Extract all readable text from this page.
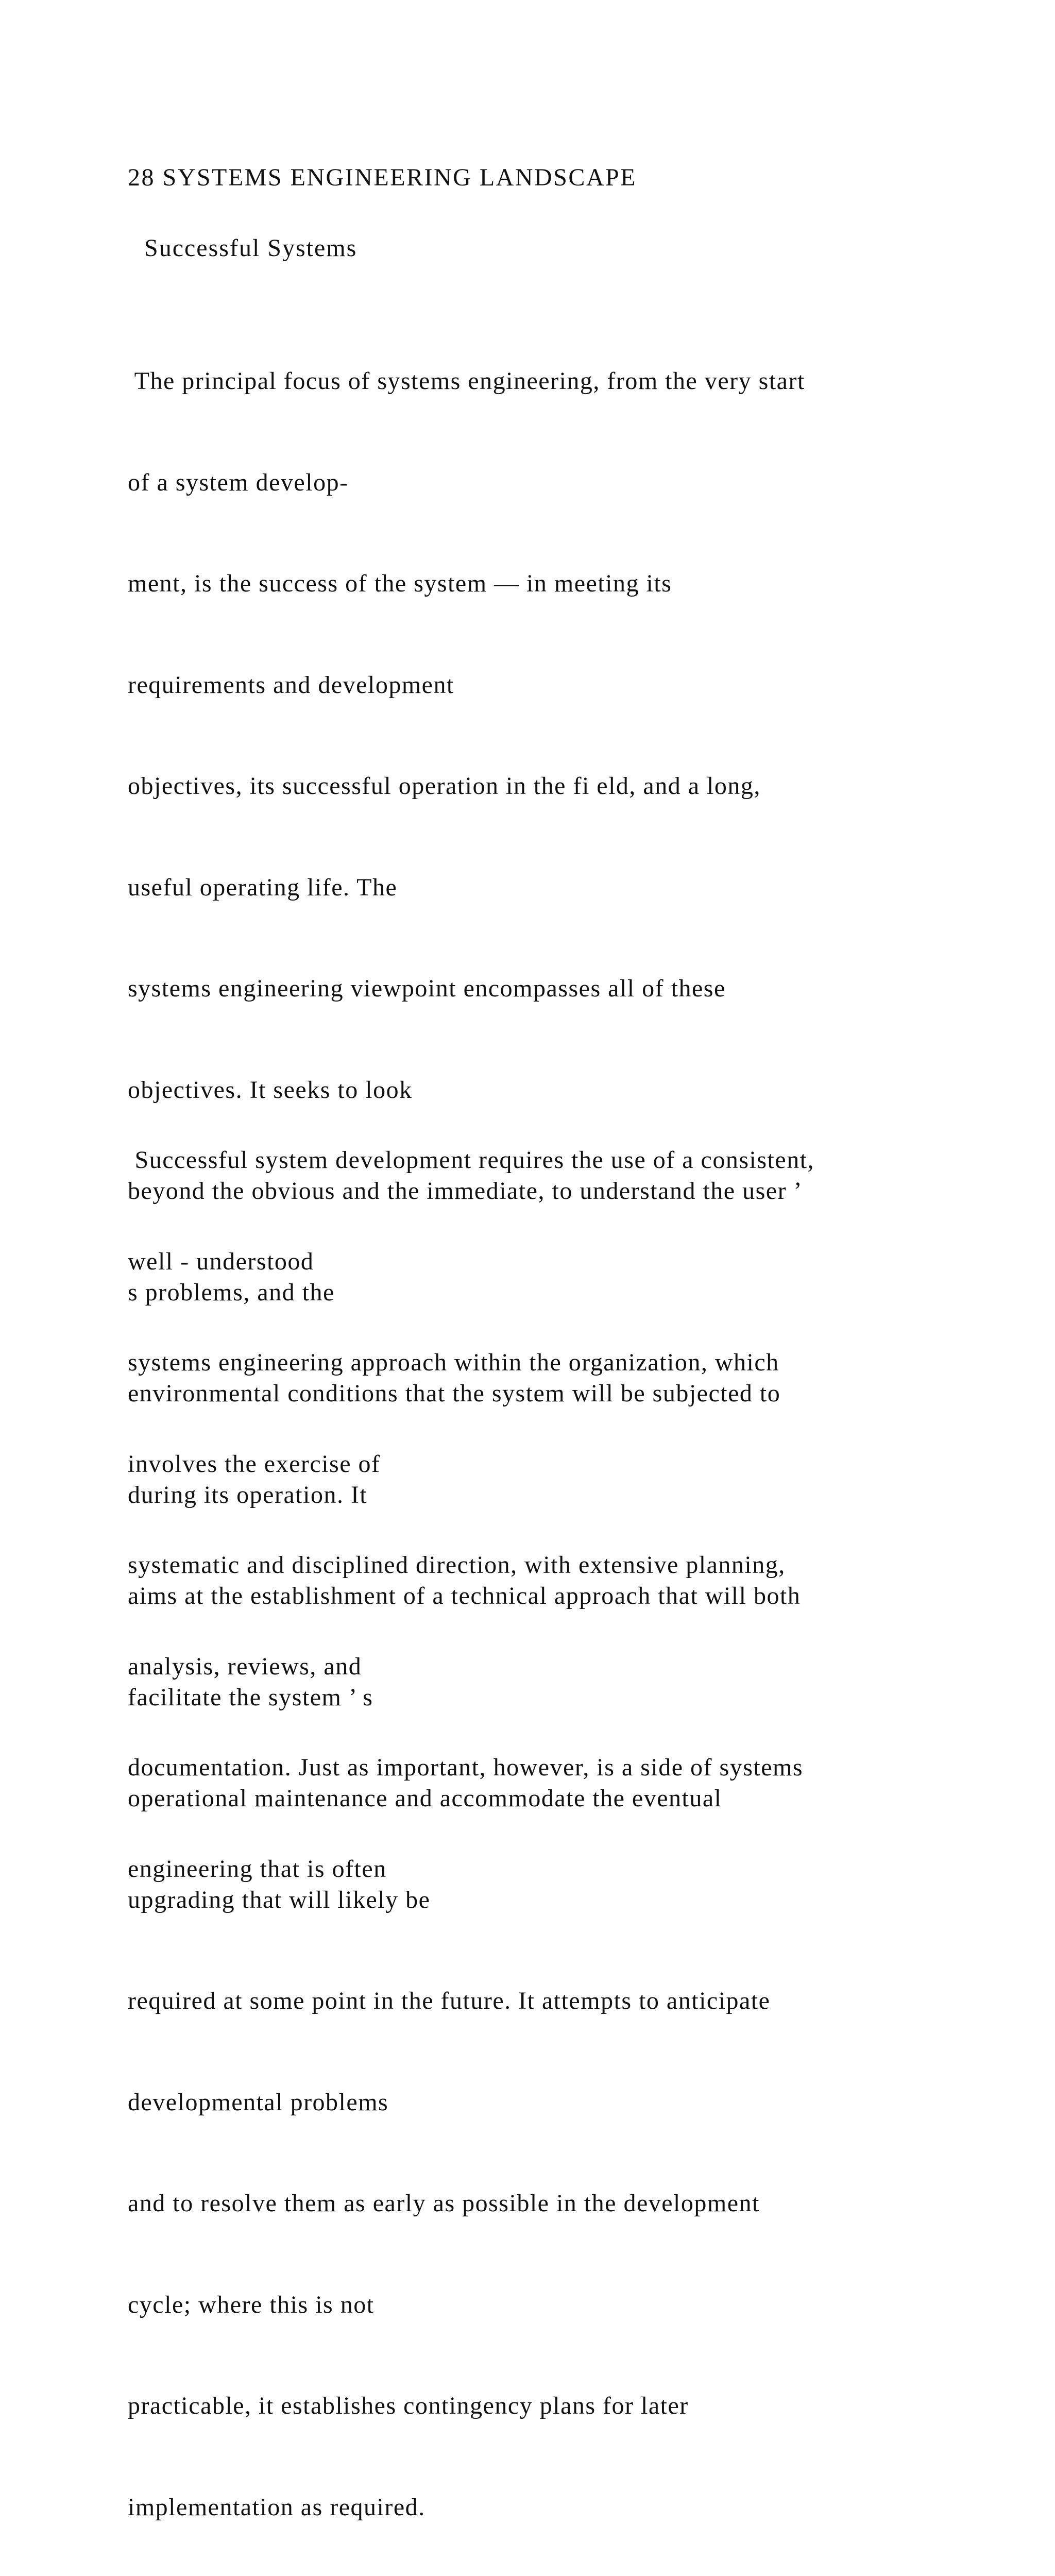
28 SYSTEMS ENGINEERING LANDSCAPE
Successful Systems

The principal focus of systems engineering, from the very start

of a system develop-

ment, is the success of the system — in meeting its

requirements and development

objectives, its successful operation in the fi eld, and a long,

useful operating life. The

systems engineering viewpoint encompasses all of these

objectives. It seeks to look

beyond the obvious and the immediate, to understand the user ’

s problems, and the

environmental conditions that the system will be subjected to

during its operation. It

aims at the establishment of a technical approach that will both

facilitate the system ’ s

operational maintenance and accommodate the eventual

upgrading that will likely be

required at some point in the future. It attempts to anticipate

developmental problems

and to resolve them as early as possible in the development

cycle; where this is not

practicable, it establishes contingency plans for later

implementation as required.

Successful system development requires the use of a consistent,

well - understood

systems engineering approach within the organization, which

involves the exercise of

systematic and disciplined direction, with extensive planning,

analysis, reviews, and

documentation. Just as important, however, is a side of systems

engineering that is often
